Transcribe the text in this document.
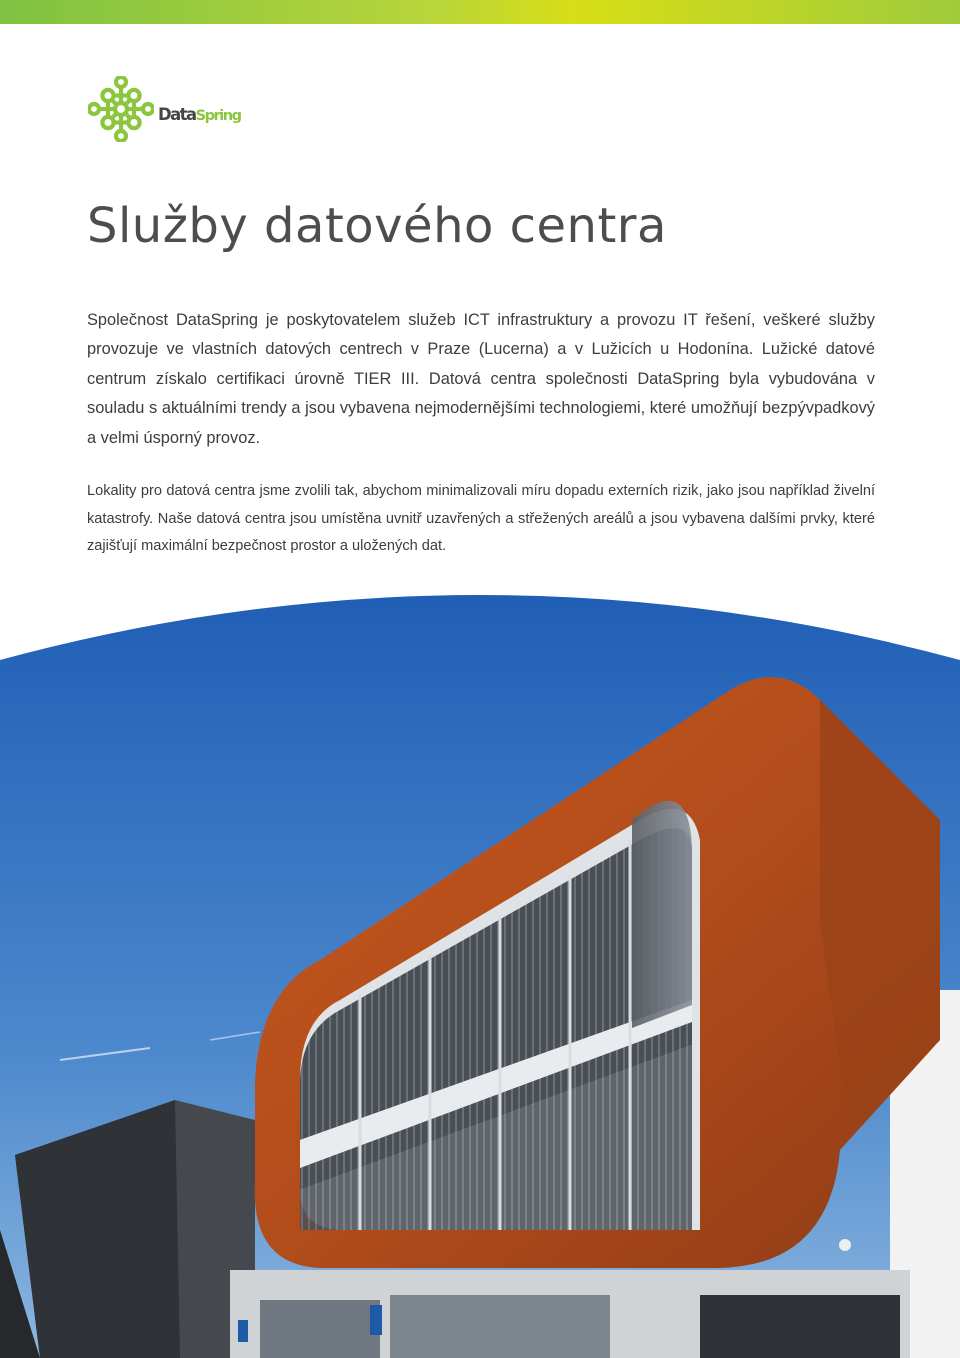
DataSpring
Služby datového centra

Společnost DataSpring je poskytovatelem služeb ICT infrastruktury a provozu IT řešení, veškeré služby provozuje ve vlastních datových centrech v Praze (Lucerna) a v Lužicích u Hodonína. Lužické datové centrum získalo certifikaci úrovně TIER III. Datová centra společnosti DataSpring byla vybudována v souladu s aktuálními trendy a jsou vybavena nejmodernějšími technologiemi, které umožňují bezpývpadkový a velmi úsporný provoz.

Lokality pro datová centra jsme zvolili tak, abychom minimalizovali míru dopadu externích rizik, jako jsou například živelní katastrofy. Naše datová centra jsou umístěna uvnitř uzavřených a střežených areálů a jsou vybavena dalšími prvky, které zajišťují maximální bezpečnost prostor a uložených dat.
